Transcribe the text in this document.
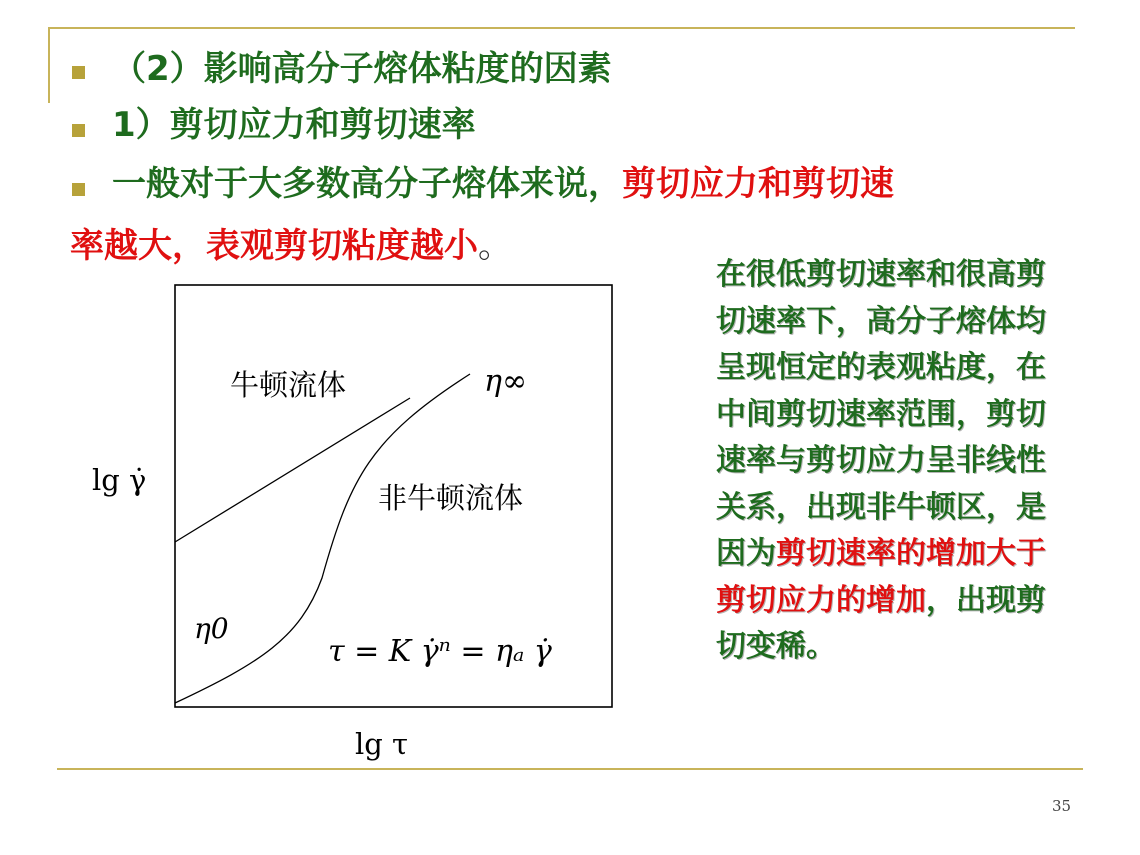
（2）影响高分子熔体粘度的因素
1）剪切应力和剪切速率
一般对于大多数高分子熔体来说，剪切应力和剪切速
率越大，表观剪切粘度越小。
牛顿流体
非牛顿流体
η∞
η0
τ = K γ̇ⁿ = ηₐ γ̇
lg γ̇
lg τ
在很低剪切速率和很高剪切速率下，高分子熔体均呈现恒定的表观粘度，在中间剪切速率范围，剪切速率与剪切应力呈非线性关系，出现非牛顿区，是因为剪切速率的增加大于剪切应力的增加，出现剪切变稀。
35
